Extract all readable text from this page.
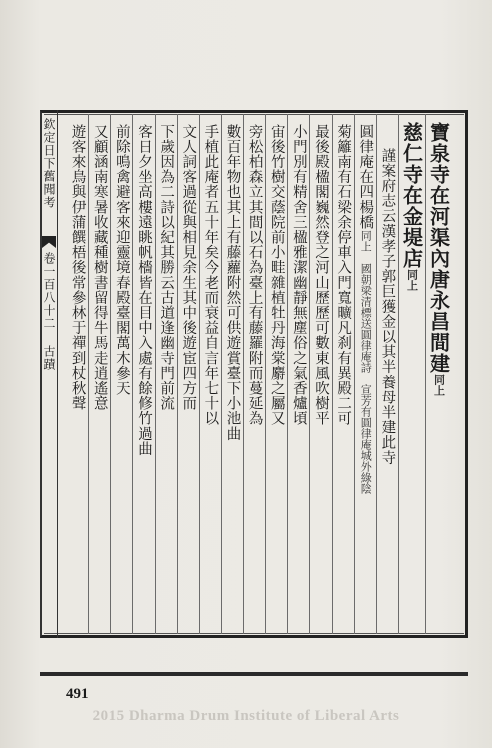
欽定日下舊聞考
卷一百八十二 古蹟	寶泉寺在河渠內唐永昌間建同上
慈仁寺在金堤店同上
謹案府志云漢孝子郭巨獲金以其半養母半建此寺
圓律庵在四楊橋同上　國朝梁清標送圓律庵詩　宣芳有圓律庵城外綠陰
菊籬南有石梁余停車入門寬曠凡刹有異殿二可
最後殿楹閣巍然登之河山歷歷可數東風吹樹平
小門別有精舍三楹雅潔幽靜無塵俗之氣香爐頃
宙後竹樹交蔭院前小畦雜植牡丹海棠麝之屬又
旁松柏森立其間以石為臺上有藤羅附而蔓延為
數百年物也其上有藤蘿附然可供遊賞臺下小池曲
手植此庵者五十年矣今老而衰益自言年七十以
文人詞客過從與相見余生其中後遊宦四方而
下歲因為二詩以紀其勝云古道逢幽寺門前流
客日夕坐高樓遠眺帆檣皆在目中入處有餘修竹過曲
前除鳴禽避客來迎靈境春殿臺閣萬木參天
又顧涵南寒暑收藏種樹書留得牛馬走逍遙意
遊客來鳥與伊蒲饌梧後常參林于禪到杖秋聲
491
2015 Dharma Drum Institute of Liberal Arts
